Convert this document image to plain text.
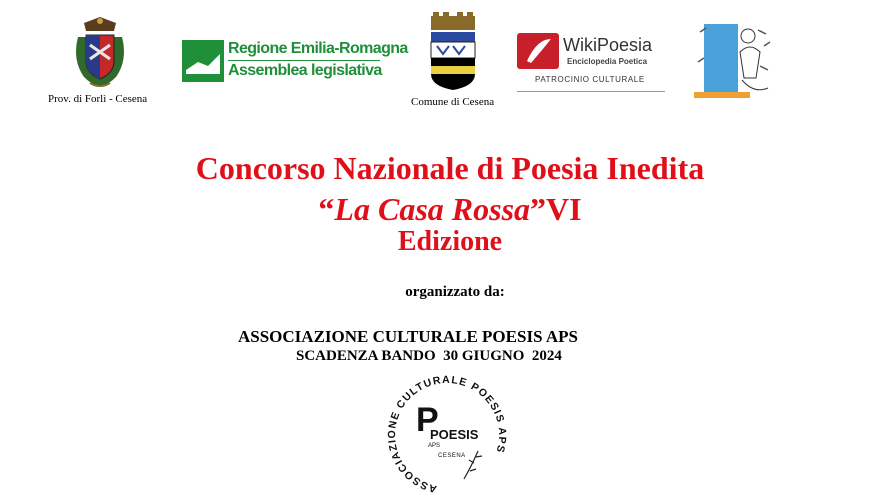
Prov. di Forlì - Cesena
Regione Emilia-Romagna
Assemblea legislativa
Comune di Cesena
WikiPoesia
Enciclopedia Poetica
PATROCINIO CULTURALE
Concorso Nazionale di Poesia Inedita
“La Casa Rossa”VI
Edizione
organizzato da:
ASSOCIAZIONE CULTURALE POESIS APS
SCADENZA BANDO  30 GIUGNO  2024
ASSOCIAZIONE CULTURALE POESIS APS
P
POESIS
APS
CESENA
